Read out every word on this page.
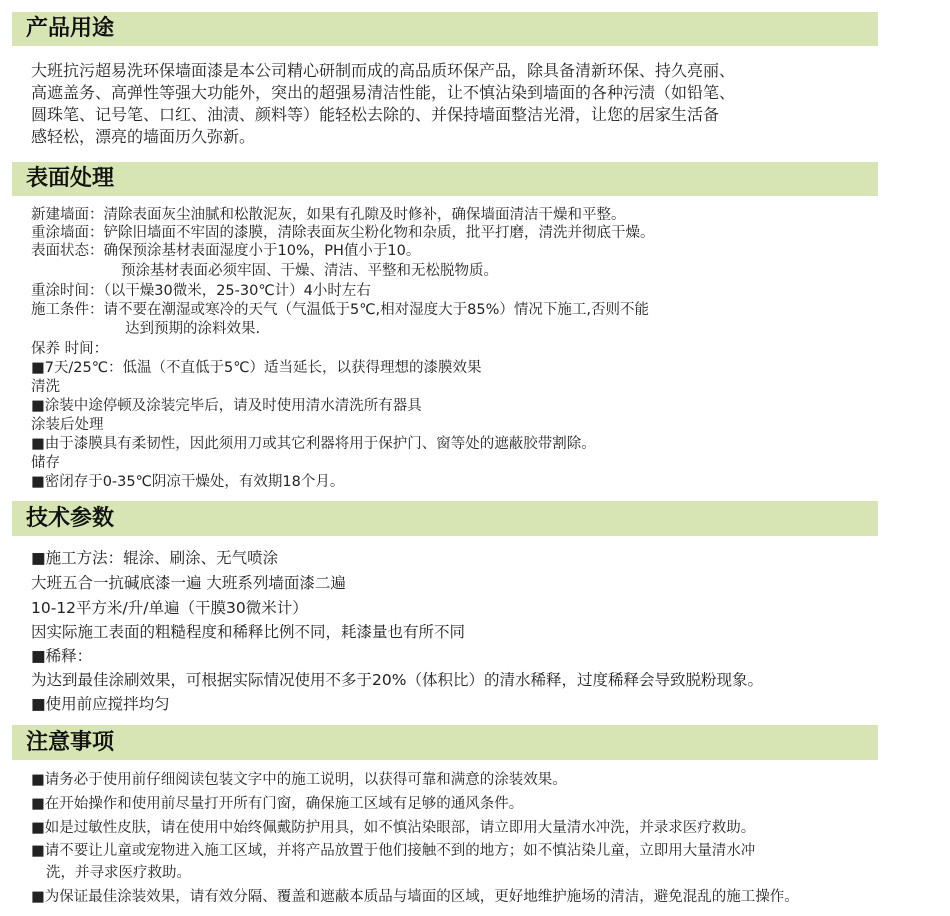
产品用途
大班抗污超易洗环保墙面漆是本公司精心研制而成的高品质环保产品，除具备清新环保、持久亮丽、
高遮盖务、高弹性等强大功能外，突出的超强易清洁性能，让不慎沾染到墙面的各种污渍（如铅笔、
圆珠笔、记号笔、口红、油渍、颜料等）能轻松去除的、并保持墙面整洁光滑，让您的居家生活备
感轻松，漂亮的墙面历久弥新。
表面处理
新建墙面：清除表面灰尘油腻和松散泥灰，如果有孔隙及时修补，确保墙面清洁干燥和平整。
重涂墙面：铲除旧墙面不牢固的漆膜，清除表面灰尘粉化物和杂质，批平打磨，清洗并彻底干燥。
表面状态：确保预涂基材表面湿度小于10%，PH值小于10。
预涂基材表面必须牢固、干燥、清洁、平整和无松脱物质。
重涂时间：（以干燥30微米，25-30℃计）4小时左右
施工条件：请不要在潮湿或寒冷的天气（气温低于5℃,相对湿度大于85%）情况下施工,否则不能
达到预期的涂料效果.
保养 时间：
■7天/25℃：低温（不直低于5℃）适当延长，以获得理想的漆膜效果
清洗
■涂装中途停顿及涂装完毕后，请及时使用清水清洗所有器具
涂装后处理
■由于漆膜具有柔韧性，因此须用刀或其它利器将用于保护门、窗等处的遮蔽胶带割除。
储存
■密闭存于0-35℃阴凉干燥处，有效期18个月。
技术参数
■施工方法：辊涂、刷涂、无气喷涂
大班五合一抗碱底漆一遍 大班系列墙面漆二遍
10-12平方米/升/单遍（干膜30微米计）
因实际施工表面的粗糙程度和稀释比例不同，耗漆量也有所不同
■稀释：
为达到最佳涂刷效果，可根据实际情况使用不多于20%（体积比）的清水稀释，过度稀释会导致脱粉现象。
■使用前应搅拌均匀
注意事项
■请务必于使用前仔细阅读包装文字中的施工说明，以获得可靠和满意的涂装效果。
■在开始操作和使用前尽量打开所有门窗，确保施工区域有足够的通风条件。
■如是过敏性皮肤，请在使用中始终佩戴防护用具，如不慎沾染眼部，请立即用大量清水冲洗，并录求医疗救助。
■请不要让儿童或宠物进入施工区域，并将产品放置于他们接触不到的地方；如不慎沾染儿童，立即用大量清水冲
洗，并寻求医疗救助。
■为保证最佳涂装效果，请有效分隔、覆盖和遮蔽本质品与墙面的区域，更好地维护施场的清洁，避免混乱的施工操作。
